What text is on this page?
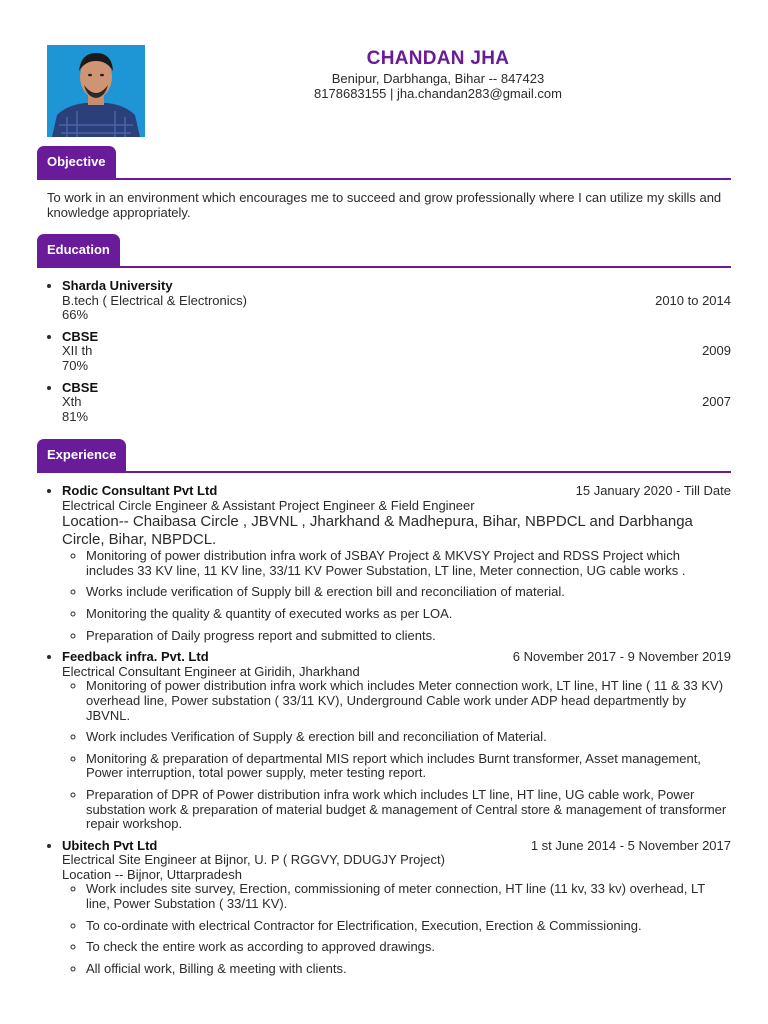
CHANDAN JHA
Benipur, Darbhanga, Bihar -- 847423
8178683155 | jha.chandan283@gmail.com
Objective
To work in an environment which encourages me to succeed and grow professionally where I can utilize my skills and knowledge appropriately.
Education
• Sharda University
B.tech ( Electrical & Electronics)	2010 to 2014
66%
• CBSE
XII th	2009
70%
• CBSE
Xth	2007
81%
Experience
• Rodic Consultant Pvt Ltd	15 January 2020 - Till Date
Electrical Circle Engineer & Assistant Project Engineer & Field Engineer
Location-- Chaibasa Circle , JBVNL , Jharkhand & Madhepura, Bihar, NBPDCL and Darbhanga Circle, Bihar, NBPDCL.
◦ Monitoring of power distribution infra work of JSBAY Project & MKVSY Project and RDSS Project which includes 33 KV line, 11 KV line, 33/11 KV Power Substation, LT line, Meter connection, UG cable works .
◦ Works include verification of Supply bill & erection bill and reconciliation of material.
◦ Monitoring the quality & quantity of executed works as per LOA.
◦ Preparation of Daily progress report and submitted to clients.
• Feedback infra. Pvt. Ltd	6 November 2017 - 9 November 2019
Electrical Consultant Engineer at Giridih, Jharkhand
◦ Monitoring of power distribution infra work which includes Meter connection work, LT line, HT line ( 11 & 33 KV) overhead line, Power substation ( 33/11 KV), Underground Cable work under ADP head departmently by JBVNL.
◦ Work includes Verification of Supply & erection bill and reconciliation of Material.
◦ Monitoring & preparation of departmental MIS report which includes Burnt transformer, Asset management, Power interruption, total power supply, meter testing report.
◦ Preparation of DPR of Power distribution infra work which includes LT line, HT line, UG cable work, Power substation work & preparation of material budget & management of Central store & management of transformer repair workshop.
• Ubitech Pvt Ltd	1 st June 2014 - 5 November 2017
Electrical Site Engineer at Bijnor, U. P ( RGGVY, DDUGJY Project)
Location -- Bijnor, Uttarpradesh
◦ Work includes site survey, Erection, commissioning of meter connection, HT line (11 kv, 33 kv) overhead, LT line, Power Substation ( 33/11 KV).
◦ To co-ordinate with electrical Contractor for Electrification, Execution, Erection & Commissioning.
◦ To check the entire work as according to approved drawings.
◦ All official work, Billing & meeting with clients.
